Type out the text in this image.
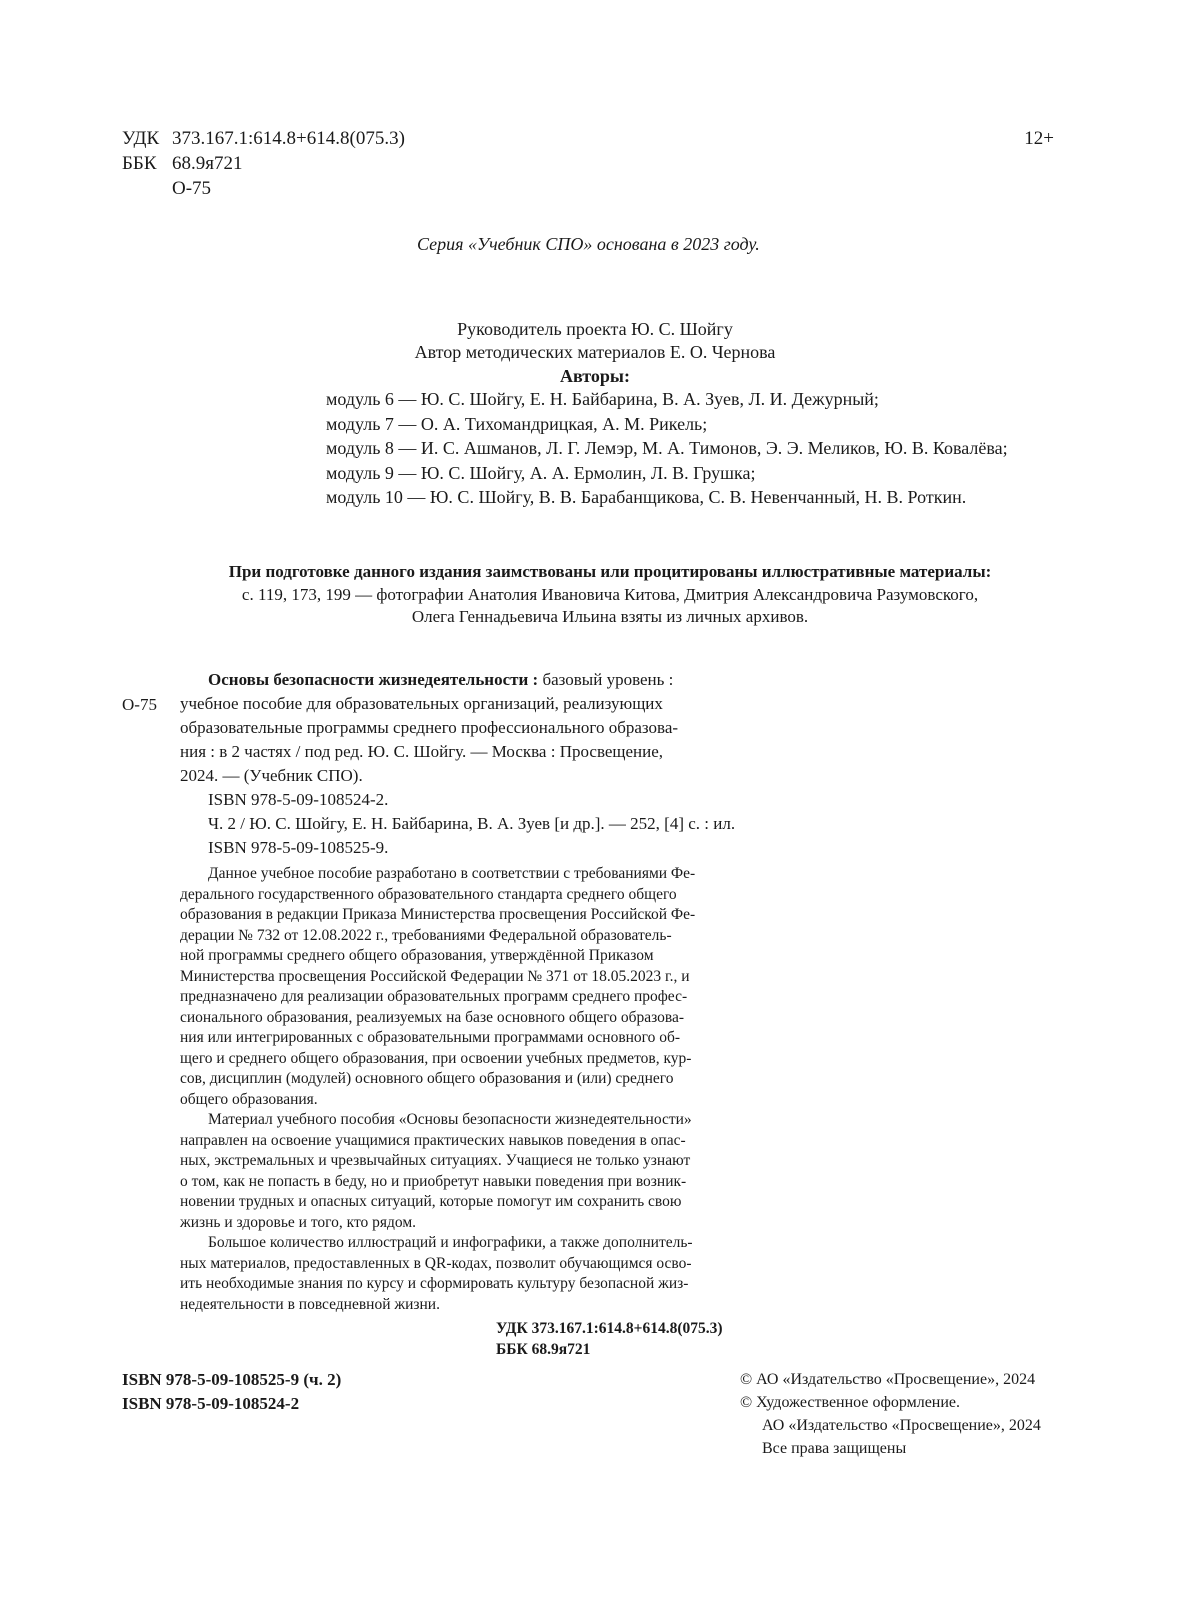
УДК 373.167.1:614.8+614.8(075.3)
ББК 68.9я721
О-75
12+
Серия «Учебник СПО» основана в 2023 году.
Руководитель проекта Ю. С. Шойгу
Автор методических материалов Е. О. Чернова
Авторы:
модуль 6 — Ю. С. Шойгу, Е. Н. Байбарина, В. А. Зуев, Л. И. Дежурный;
модуль 7 — О. А. Тихомандрицкая, А. М. Рикель;
модуль 8 — И. С. Ашманов, Л. Г. Лемэр, М. А. Тимонов, Э. Э. Меликов, Ю. В. Ковалёва;
модуль 9 — Ю. С. Шойгу, А. А. Ермолин, Л. В. Грушка;
модуль 10 — Ю. С. Шойгу, В. В. Барабанщикова, С. В. Невенчанный, Н. В. Роткин.
При подготовке данного издания заимствованы или процитированы иллюстративные материалы:
с. 119, 173, 199 — фотографии Анатолия Ивановича Китова, Дмитрия Александровича Разумовского,
Олега Геннадьевича Ильина взяты из личных архивов.
О-75
Основы безопасности жизнедеятельности : базовый уровень :
учебное пособие для образовательных организаций, реализующих
образовательные программы среднего профессионального образова-
ния : в 2 частях / под ред. Ю. С. Шойгу. — Москва : Просвещение,
2024. — (Учебник СПО).
ISBN 978-5-09-108524-2.
Ч. 2 / Ю. С. Шойгу, Е. Н. Байбарина, В. А. Зуев [и др.]. — 252, [4] с. : ил.
ISBN 978-5-09-108525-9.
Данное учебное пособие разработано в соответствии с требованиями Фе-
дерального государственного образовательного стандарта среднего общего
образования в редакции Приказа Министерства просвещения Российской Фе-
дерации № 732 от 12.08.2022 г., требованиями Федеральной образователь-
ной программы среднего общего образования, утверждённой Приказом
Министерства просвещения Российской Федерации № 371 от 18.05.2023 г., и
предназначено для реализации образовательных программ среднего профес-
сионального образования, реализуемых на базе основного общего образова-
ния или интегрированных с образовательными программами основного об-
щего и среднего общего образования, при освоении учебных предметов, кур-
сов, дисциплин (модулей) основного общего образования и (или) среднего
общего образования.
Материал учебного пособия «Основы безопасности жизнедеятельности»
направлен на освоение учащимися практических навыков поведения в опас-
ных, экстремальных и чрезвычайных ситуациях. Учащиеся не только узнают
о том, как не попасть в беду, но и приобретут навыки поведения при возник-
новении трудных и опасных ситуаций, которые помогут им сохранить свою
жизнь и здоровье и того, кто рядом.
Большое количество иллюстраций и инфографики, а также дополнитель-
ных материалов, предоставленных в QR-кодах, позволит обучающимся осво-
ить необходимые знания по курсу и сформировать культуру безопасной жиз-
недеятельности в повседневной жизни.
УДК 373.167.1:614.8+614.8(075.3)
ББК 68.9я721
ISBN 978-5-09-108525-9 (ч. 2)
ISBN 978-5-09-108524-2
© АО «Издательство «Просвещение», 2024
© Художественное оформление.
АО «Издательство «Просвещение», 2024
Все права защищены
